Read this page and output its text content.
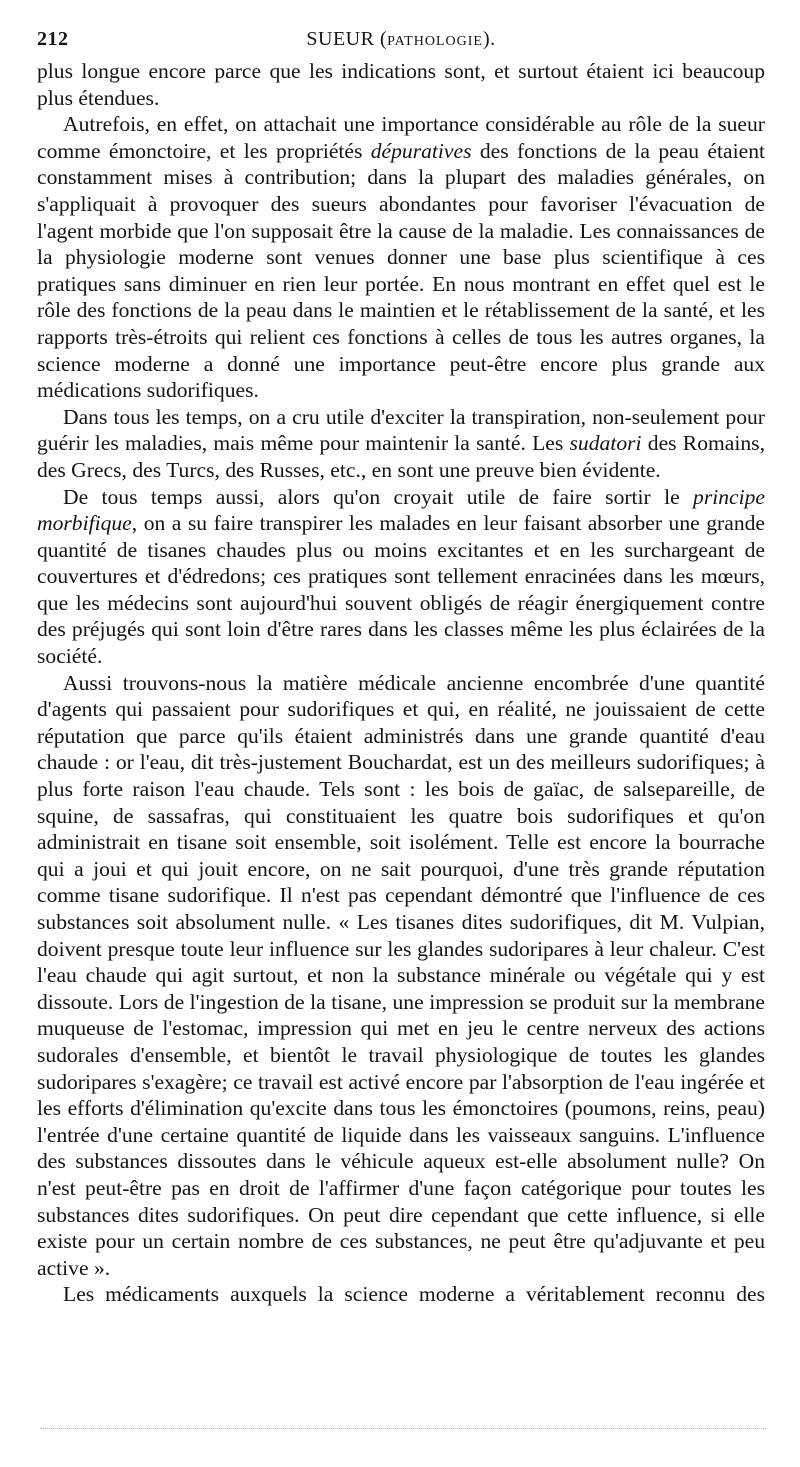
212	SUEUR (PATHOLOGIE).

plus longue encore parce que les indications sont, et surtout étaient ici beaucoup plus étendues.

Autrefois, en effet, on attachait une importance considérable au rôle de la sueur comme émonctoire, et les propriétés dépuratives des fonctions de la peau étaient constamment mises à contribution; dans la plupart des maladies générales, on s'appliquait à provoquer des sueurs abondantes pour favoriser l'évacuation de l'agent morbide que l'on supposait être la cause de la maladie. Les connaissances de la physiologie moderne sont venues donner une base plus scientifique à ces pratiques sans diminuer en rien leur portée. En nous montrant en effet quel est le rôle des fonctions de la peau dans le maintien et le rétablissement de la santé, et les rapports très-étroits qui relient ces fonctions à celles de tous les autres organes, la science moderne a donné une importance peut-être encore plus grande aux médications sudorifiques.

Dans tous les temps, on a cru utile d'exciter la transpiration, non-seulement pour guérir les maladies, mais même pour maintenir la santé. Les sudatori des Romains, des Grecs, des Turcs, des Russes, etc., en sont une preuve bien évidente.

De tous temps aussi, alors qu'on croyait utile de faire sortir le principe morbifique, on a su faire transpirer les malades en leur faisant absorber une grande quantité de tisanes chaudes plus ou moins excitantes et en les surchargeant de couvertures et d'édredons; ces pratiques sont tellement enracinées dans les mœurs, que les médecins sont aujourd'hui souvent obligés de réagir énergiquement contre des préjugés qui sont loin d'être rares dans les classes même les plus éclairées de la société.

Aussi trouvons-nous la matière médicale ancienne encombrée d'une quantité d'agents qui passaient pour sudorifiques et qui, en réalité, ne jouissaient de cette réputation que parce qu'ils étaient administrés dans une grande quantité d'eau chaude : or l'eau, dit très-justement Bouchardat, est un des meilleurs sudorifiques; à plus forte raison l'eau chaude. Tels sont : les bois de gaïac, de salsepareille, de squine, de sassafras, qui constituaient les quatre bois sudorifiques et qu'on administrait en tisane soit ensemble, soit isolément. Telle est encore la bourrache qui a joui et qui jouit encore, on ne sait pourquoi, d'une très grande réputation comme tisane sudorifique. Il n'est pas cependant démontré que l'influence de ces substances soit absolument nulle. « Les tisanes dites sudorifiques, dit M. Vulpian, doivent presque toute leur influence sur les glandes sudoripares à leur chaleur. C'est l'eau chaude qui agit surtout, et non la substance minérale ou végétale qui y est dissoute. Lors de l'ingestion de la tisane, une impression se produit sur la membrane muqueuse de l'estomac, impression qui met en jeu le centre nerveux des actions sudorales d'ensemble, et bientôt le travail physiologique de toutes les glandes sudoripares s'exagère; ce travail est activé encore par l'absorption de l'eau ingérée et les efforts d'élimination qu'excite dans tous les émonctoires (poumons, reins, peau) l'entrée d'une certaine quantité de liquide dans les vaisseaux sanguins. L'influence des substances dissoutes dans le véhicule aqueux est-elle absolument nulle? On n'est peut-être pas en droit de l'affirmer d'une façon catégorique pour toutes les substances dites sudorifiques. On peut dire cependant que cette influence, si elle existe pour un certain nombre de ces substances, ne peut être qu'adjuvante et peu active ».

Les médicaments auxquels la science moderne a véritablement reconnu des
